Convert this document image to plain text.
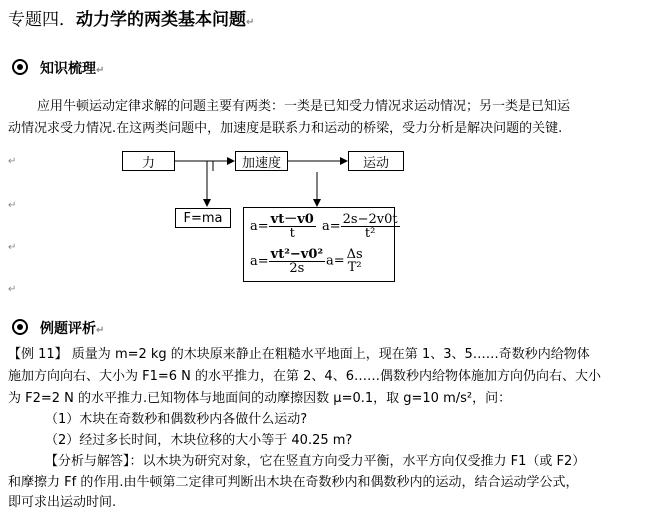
专题四．动力学的两类基本问题↵
知识梳理↵
应用牛顿运动定律求解的问题主要有两类：一类是已知受力情况求运动情况；另一类是已知运
动情况求受力情况.在这两类问题中，加速度是联系力和运动的桥梁，受力分析是解决问题的关键.
↵
↵
↵
↵
力	加速度	运动
F=ma
$a= \frac{vt-v0}{t} a= \frac{2s-2v0t}{\text{t²}}$
$a= \frac{\text{vt²−v0²}}{2s} a= \Delta s$
T²
例题评析↵
【例 11】 质量为 m=2 kg 的木块原来静止在粗糙水平地面上，现在第 1、3、5……奇数秒内给物体
施加方向向右、大小为 F1=6 N 的水平推力，在第 2、4、6……偶数秒内给物体施加方向仍向右、大小
为 F2=2 N 的水平推力.已知物体与地面间的动摩擦因数 μ=0.1，取 g=10 m/s²，问：
（1）木块在奇数秒和偶数秒内各做什么运动?
（2）经过多长时间，木块位移的大小等于 40.25 m?
【分析与解答】：以木块为研究对象，它在竖直方向受力平衡，水平方向仅受推力 F1（或 F2）
和摩擦力 Ff 的作用.由牛顿第二定律可判断出木块在奇数秒内和偶数秒内的运动，结合运动学公式，
即可求出运动时间.
